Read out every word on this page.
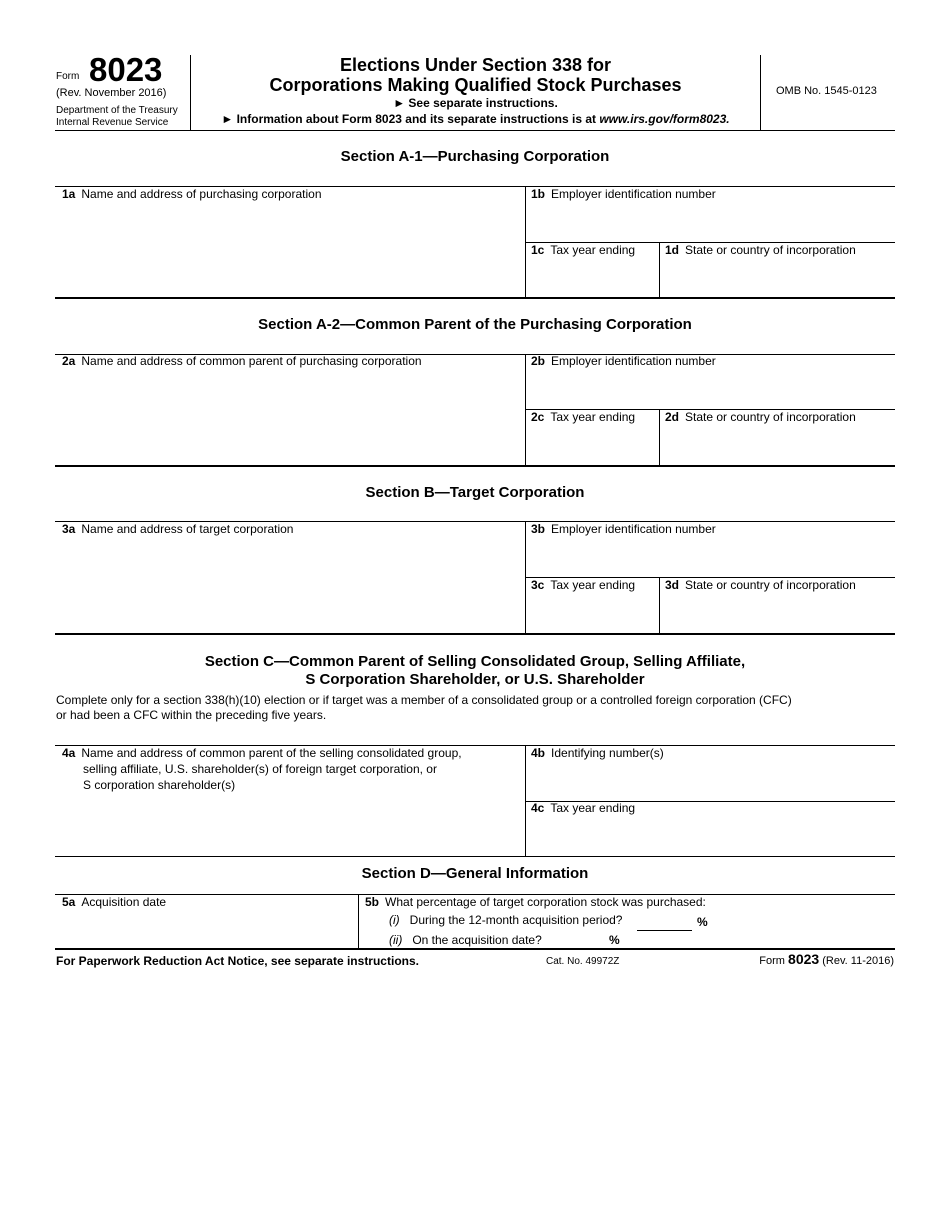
Form 8023
(Rev. November 2016)
Department of the Treasury
Internal Revenue Service
Elections Under Section 338 for
Corporations Making Qualified Stock Purchases
► See separate instructions.
► Information about Form 8023 and its separate instructions is at www.irs.gov/form8023.
OMB No. 1545-0123
Section A-1—Purchasing Corporation
1a Name and address of purchasing corporation	1b Employer identification number
1c Tax year ending 1d State or country of incorporation
Section A-2—Common Parent of the Purchasing Corporation
2a Name and address of common parent of purchasing corporation	2b Employer identification number
2c Tax year ending 2d State or country of incorporation
Section B—Target Corporation
3a Name and address of target corporation	3b Employer identification number
3c Tax year ending 3d State or country of incorporation
Section C—Common Parent of Selling Consolidated Group, Selling Affiliate,
S Corporation Shareholder, or U.S. Shareholder
Complete only for a section 338(h)(10) election or if target was a member of a consolidated group or a controlled foreign corporation (CFC)
or had been a CFC within the preceding five years.
4a Name and address of common parent of the selling consolidated group,
selling affiliate, U.S. shareholder(s) of foreign target corporation, or
S corporation shareholder(s)
4b Identifying number(s)
4c Tax year ending
Section D—General Information
5a Acquisition date	5b What percentage of target corporation stock was purchased:
(i) During the 12-month acquisition period?	%
(ii) On the acquisition date?	%
For Paperwork Reduction Act Notice, see separate instructions.	Cat. No. 49972Z	Form 8023 (Rev. 11-2016)
